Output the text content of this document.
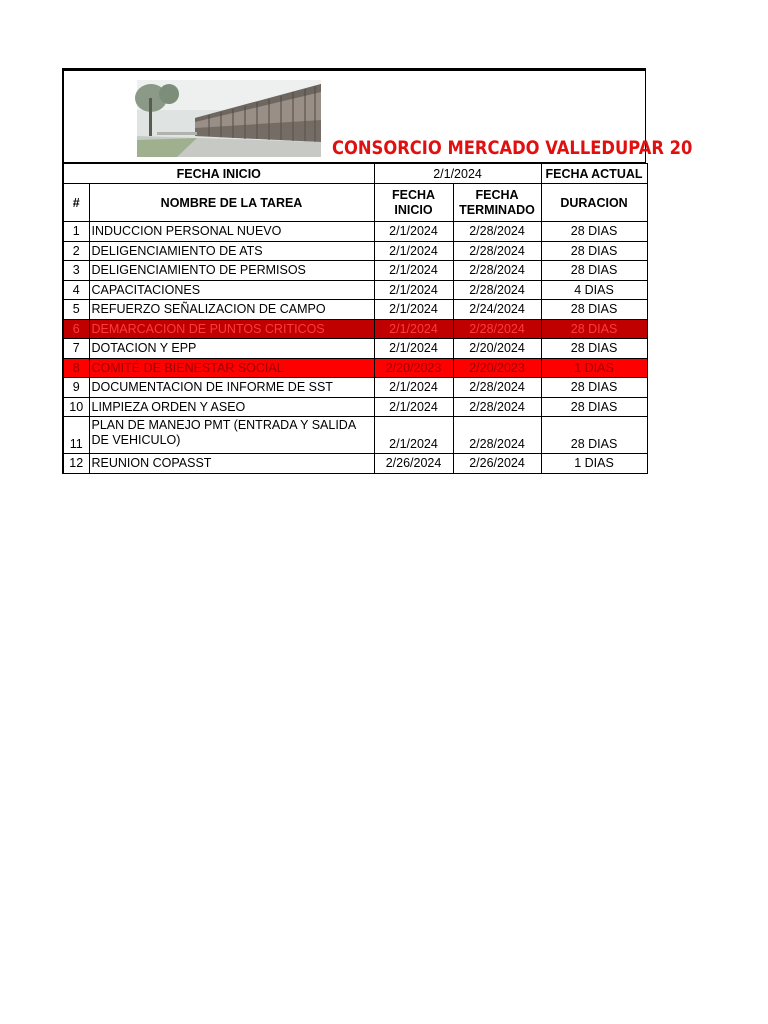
CONSORCIO MERCADO VALLEDUPAR 20
FECHA INICIO		2/1/2024		FECHA ACTUAL
#	NOMBRE DE LA TAREA	FECHA INICIO	FECHA TERMINADO	DURACION
1	INDUCCION PERSONAL NUEVO	2/1/2024	2/28/2024	28 DIAS
2	DELIGENCIAMIENTO DE ATS	2/1/2024	2/28/2024	28 DIAS
3	DELIGENCIAMIENTO DE PERMISOS	2/1/2024	2/28/2024	28 DIAS
4	CAPACITACIONES	2/1/2024	2/28/2024	4 DIAS
5	REFUERZO SEÑALIZACION DE CAMPO	2/1/2024	2/24/2024	28 DIAS
6	DEMARCACION DE PUNTOS CRITICOS	2/1/2024	2/28/2024	28 DIAS
7	DOTACION Y EPP	2/1/2024	2/20/2024	28 DIAS
8	COMITÉ DE BIENESTAR SOCIAL	2/20/2023	2/20/2023	1 DIAS
9	DOCUMENTACION DE INFORME DE SST	2/1/2024	2/28/2024	28 DIAS
10	LIMPIEZA ORDEN Y ASEO	2/1/2024	2/28/2024	28 DIAS
11	PLAN DE MANEJO PMT (ENTRADA Y SALIDA DE VEHICULO)	2/1/2024	2/28/2024	28 DIAS
12	REUNION COPASST	2/26/2024	2/26/2024	1 DIAS
